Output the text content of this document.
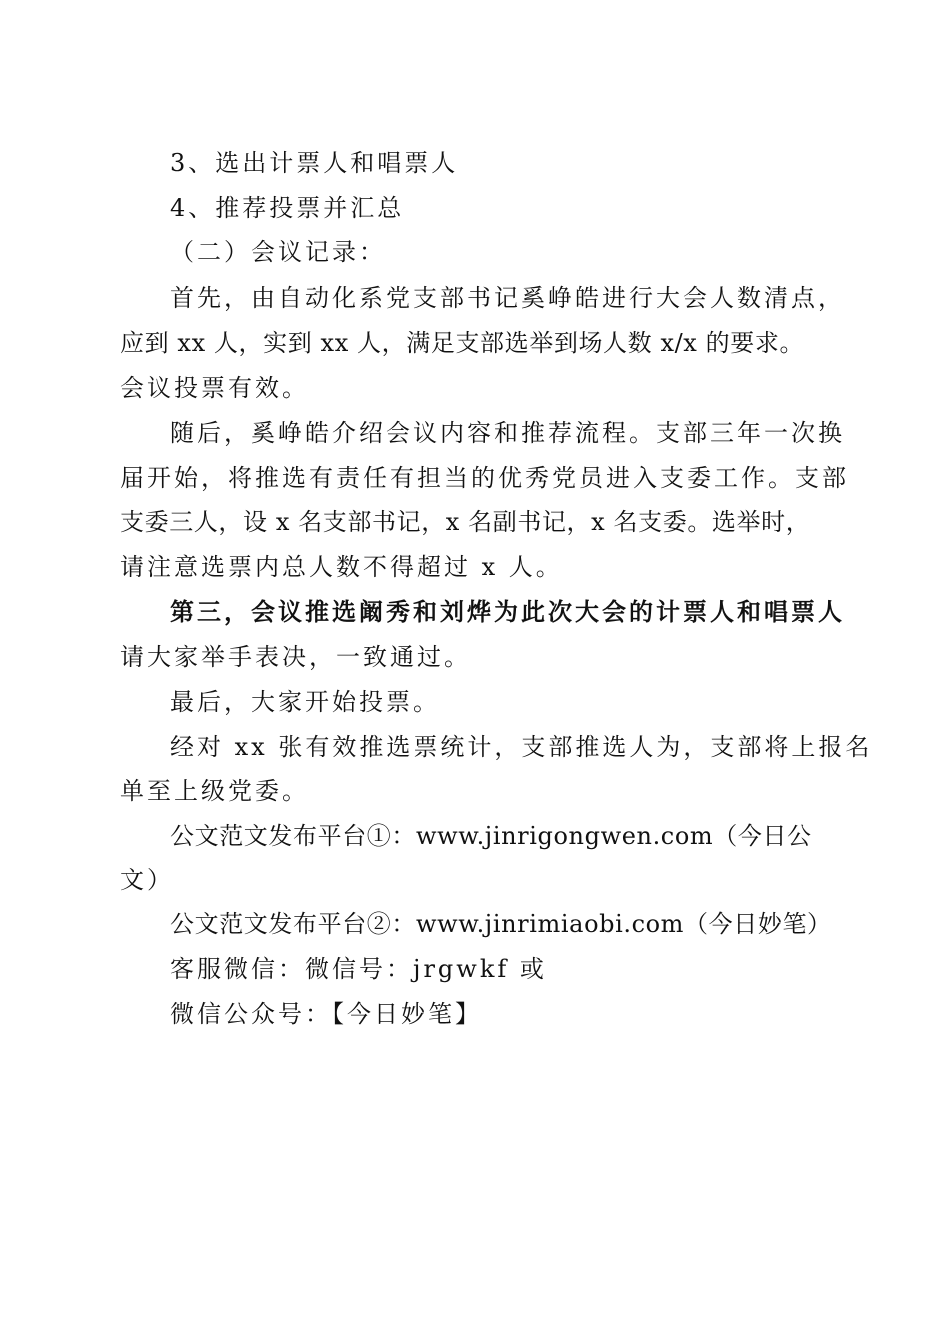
3、选出计票人和唱票人
4、推荐投票并汇总
（二）会议记录：
首先，由自动化系党支部书记奚峥皓进行大会人数清点，
应到 xx 人，实到 xx 人，满足支部选举到场人数 x/x 的要求。
会议投票有效。
随后，奚峥皓介绍会议内容和推荐流程。支部三年一次换
届开始，将推选有责任有担当的优秀党员进入支委工作。支部
支委三人，设 x 名支部书记，x 名副书记，x 名支委。选举时，
请注意选票内总人数不得超过 x 人。
第三，会议推选阚秀和刘烨为此次大会的计票人和唱票人
请大家举手表决，一致通过。
最后，大家开始投票。
经对 xx 张有效推选票统计，支部推选人为，支部将上报名
单至上级党委。
公文范文发布平台①：www.jinrigongwen.com（今日公
文）
公文范文发布平台②：www.jinrimiaobi.com（今日妙笔）
客服微信：微信号：jrgwkf 或
微信公众号：【今日妙笔】
